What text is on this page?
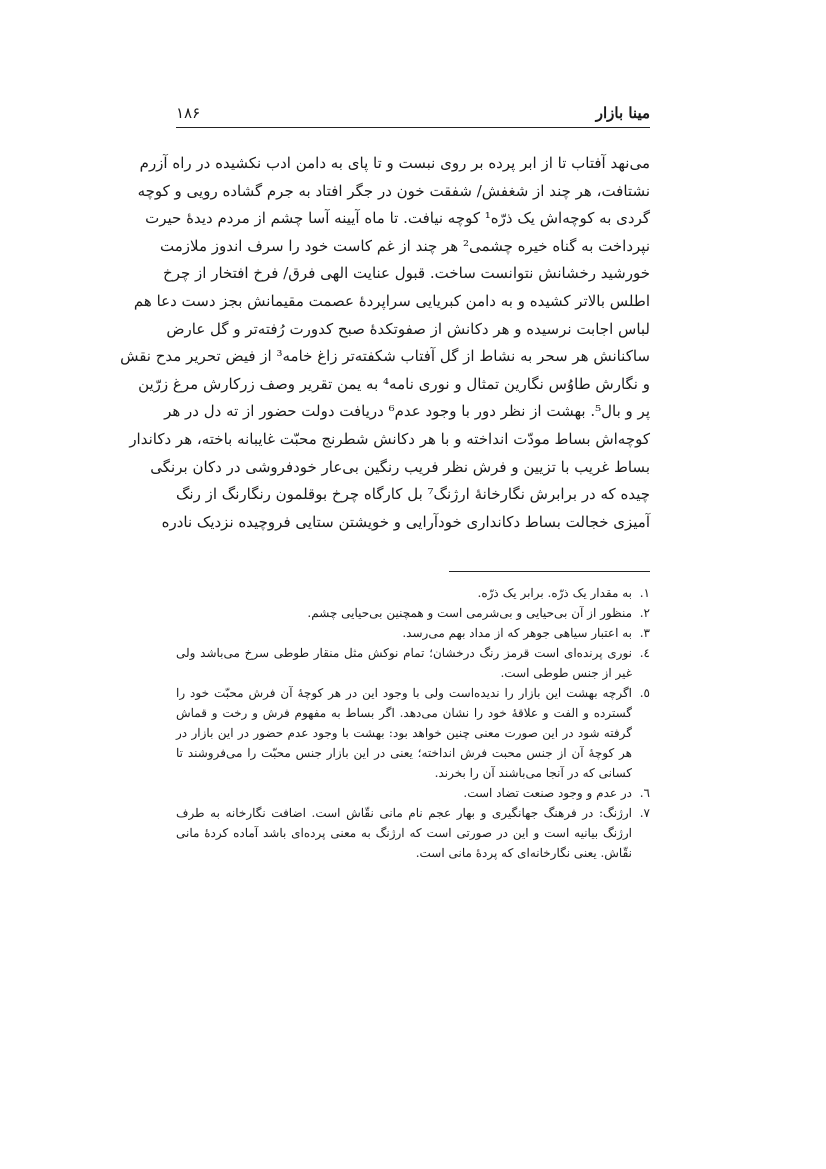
مینا بازار
۱۸۶
می‌نهد آفتاب تا از ابر پرده بر روی نبست و تا پای به دامن ادب نکشیده در راه آزرم
نشتافت، هر چند از شغفش/ شفقت خون در جگر افتاد به جرم گشاده رویی و کوچه
گردی به کوچه‌اش یک ذرّه¹ کوچه نیافت. تا ماه آیینه آسا چشم از مردم دیدهٔ حیرت
نپرداخت به گناه خیره چشمی² هر چند از غم کاست خود را سرف اندوز ملازمت
خورشید رخشانش نتوانست ساخت. قبول عنایت الهی فرق/ فرخ افتخار از چرخ
اطلس بالاتر کشیده و به دامن کبریایی سراپردهٔ عصمت مقیمانش بجز دست دعا هم
لباس اجابت نرسیده و هر دکانش از صفوتکدهٔ صبح کدورت رُفته‌تر و گل عارض
ساکنانش هر سحر به نشاط از گل آفتاب شکفته‌تر زاغ خامه³ از فیض تحریر مدح نقش
و نگارش طاوُس نگارین تمثال و نوری نامه⁴ به یمن تقریر وصف زرکارش مرغ زرّین
پر و بال⁵. بهشت از نظر دور با وجود عدم⁶ دریافت دولت حضور از ته دل در هر
کوچه‌اش بساط مودّت انداخته و با هر دکانش شطرنج محبّت غایبانه باخته، هر دکاندار
بساط غریب با تزیین و فرش نظر فریب رنگین بی‌عار خودفروشی در دکان برنگی
چیده که در برابرش نگارخانهٔ ارژنگ⁷ بل کارگاه چرخ بوقلمون رنگارنگ از رنگ
آمیزی خجالت بساط دکانداری خودآرایی و خویشتن ستایی فروچیده نزدیک نادره

۱.
به مقدار یک ذرّه. برابر یک ذرّه.

۲.
منظور از آن بی‌حیایی و بی‌شرمی است و همچنین بی‌حیایی چشم.

۳.
به اعتبار سیاهی جوهر که از مداد بهم می‌رسد.

٤.
نوری پرنده‌ای است قرمز رنگ درخشان؛ تمام نوکش مثل منقار طوطی سرخ می‌باشد ولی غیر از جنس طوطی است.

٥.
اگرچه بهشت این بازار را ندیده‌است ولی با وجود این در هر کوچهٔ آن فرش محبّت خود را گسترده و الفت و علاقهٔ خود را نشان می‌دهد. اگر بساط به مفهوم فرش و رخت و قماش گرفته شود در این صورت معنی چنین خواهد بود: بهشت با وجود عدم حضور در این بازار در هر کوچهٔ آن از جنس محبت فرش انداخته؛ یعنی در این بازار جنس محبّت را می‌فروشند تا کسانی که در آنجا می‌باشند آن را بخرند.

٦.
در عدم و وجود صنعت تضاد است.

٧.
ارژنگ: در فرهنگ جهانگیری و بهار عجم نام مانی نقّاش است. اضافت نگارخانه به طرف ارژنگ بیانیه است و این در صورتی است که ارژنگ به معنی پرده‌ای باشد آماده کردهٔ مانی نقّاش. یعنی نگارخانه‌ای که پردهٔ مانی است.
